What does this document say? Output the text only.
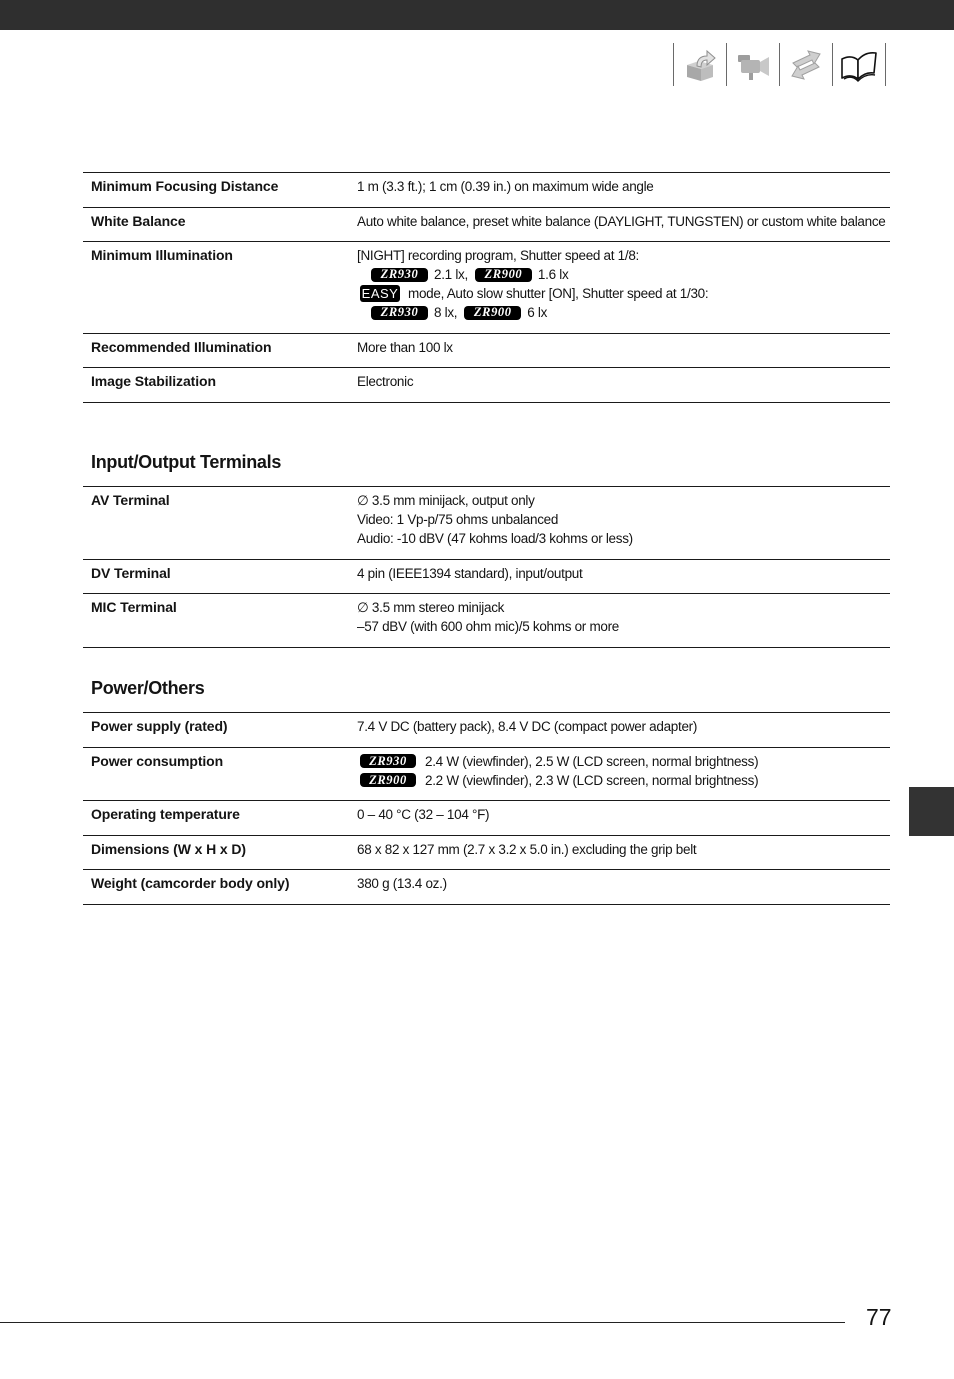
Minimum Focusing Distance	1 m (3.3 ft.); 1 cm (0.39 in.) on maximum wide angle
White Balance	Auto white balance, preset white balance (DAYLIGHT, TUNGSTEN) or custom white balance
Minimum Illumination	[NIGHT] recording program, Shutter speed at 1/8:
ZR930	2.1 lx,	ZR900	1.6 lx
EASY mode, Auto slow shutter [ON], Shutter speed at 1/30:
ZR930	8 lx,	ZR900	6 lx
Recommended Illumination	More than 100 lx
Image Stabilization	Electronic
Input/Output Terminals
AV Terminal	∅ 3.5 mm minijack, output only
Video: 1 Vp-p/75 ohms unbalanced
Audio: -10 dBV (47 kohms load/3 kohms or less)
DV Terminal	4 pin (IEEE1394 standard), input/output
MIC Terminal	∅ 3.5 mm stereo minijack
–57 dBV (with 600 ohm mic)/5 kohms or more
Power/Others
Power supply (rated)	7.4 V DC (battery pack), 8.4 V DC (compact power adapter)
Power consumption	ZR930	2.4 W (viewfinder), 2.5 W (LCD screen, normal brightness)
ZR900	2.2 W (viewfinder), 2.3 W (LCD screen, normal brightness)
Operating temperature	0 – 40 °C (32 – 104 °F)
Dimensions (W x H x D)	68 x 82 x 127 mm (2.7 x 3.2 x 5.0 in.) excluding the grip belt
Weight (camcorder body only)	380 g (13.4 oz.)
77
